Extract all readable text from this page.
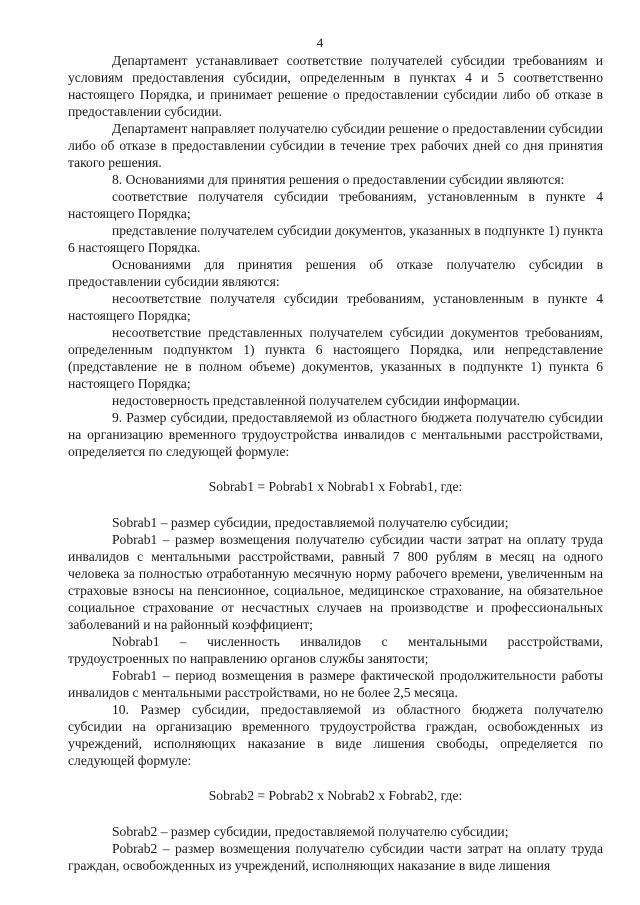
4

Департамент устанавливает соответствие получателей субсидии требованиям и условиям предоставления субсидии, определенным в пунктах 4 и 5 соответственно настоящего Порядка, и принимает решение о предоставлении субсидии либо об отказе в предоставлении субсидии.

Департамент направляет получателю субсидии решение о предоставлении субсидии либо об отказе в предоставлении субсидии в течение трех рабочих дней со дня принятия такого решения.

8. Основаниями для принятия решения о предоставлении субсидии являются:

соответствие получателя субсидии требованиям, установленным в пункте 4 настоящего Порядка;

представление получателем субсидии документов, указанных в подпункте 1) пункта 6 настоящего Порядка.

Основаниями для принятия решения об отказе получателю субсидии в предоставлении субсидии являются:

несоответствие получателя субсидии требованиям, установленным в пункте 4 настоящего Порядка;

несоответствие представленных получателем субсидии документов требованиям, определенным подпунктом 1) пункта 6 настоящего Порядка, или непредставление (представление не в полном объеме) документов, указанных в подпункте 1) пункта 6 настоящего Порядка;

недостоверность представленной получателем субсидии информации.

9. Размер субсидии, предоставляемой из областного бюджета получателю субсидии на организацию временного трудоустройства инвалидов с ментальными расстройствами, определяется по следующей формуле:

Sobrab1 = Pobrab1 x Nobrab1 x Fobrab1, где:

Sobrab1 – размер субсидии, предоставляемой получателю субсидии;

Pobrab1 – размер возмещения получателю субсидии части затрат на оплату труда инвалидов с ментальными расстройствами, равный 7 800 рублям в месяц на одного человека за полностью отработанную месячную норму рабочего времени, увеличенным на страховые взносы на пенсионное, социальное, медицинское страхование, на обязательное социальное страхование от несчастных случаев на производстве и профессиональных заболеваний и на районный коэффициент;

Nobrab1 – численность инвалидов с ментальными расстройствами, трудоустроенных по направлению органов службы занятости;

Fobrab1 – период возмещения в размере фактической продолжительности работы инвалидов с ментальными расстройствами, но не более 2,5 месяца.

10. Размер субсидии, предоставляемой из областного бюджета получателю субсидии на организацию временного трудоустройства граждан, освобожденных из учреждений, исполняющих наказание в виде лишения свободы, определяется по следующей формуле:

Sobrab2 = Pobrab2 x Nobrab2 x Fobrab2, где:

Sobrab2 – размер субсидии, предоставляемой получателю субсидии;

Pobrab2 – размер возмещения получателю субсидии части затрат на оплату труда граждан, освобожденных из учреждений, исполняющих наказание в виде лишения
